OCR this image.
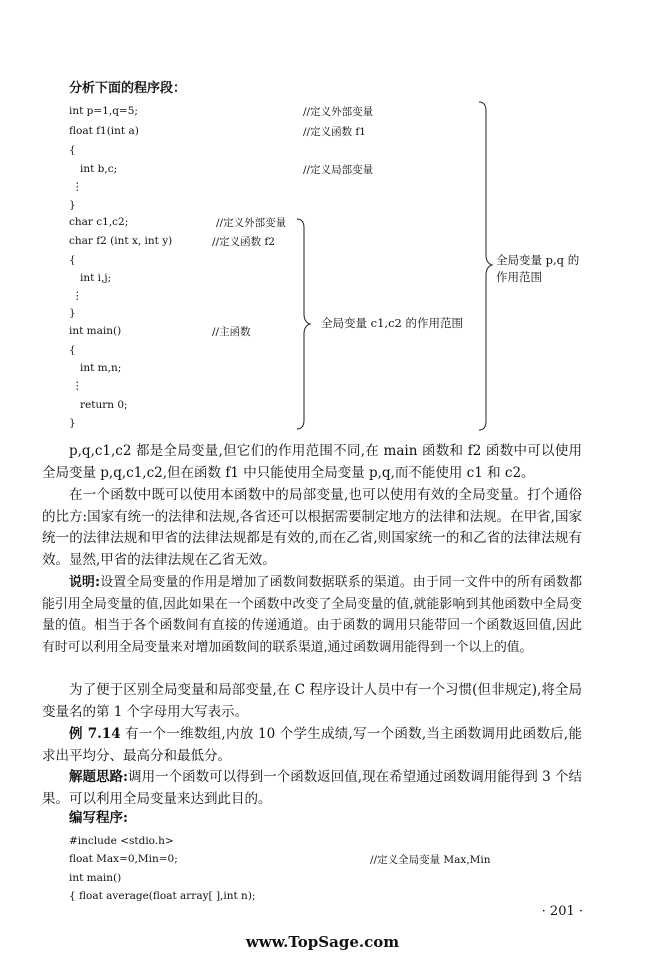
分析下面的程序段：
int p=1,q=5;	//定义外部变量
float f1(int a)	//定义函数 f1
{
int b,c;	//定义局部变量
⋮
}
char c1,c2;	//定义外部变量
char f2 (int x, int y)	//定义函数 f2
{
int i,j;
⋮
}
int main()	//主函数
{
int m,n;
⋮
return 0;
}
全局变量 c1,c2 的作用范围
全局变量 p,q 的
作用范围
p,q,c1,c2 都是全局变量,但它们的作用范围不同,在 main 函数和 f2 函数中可以使用全局变量 p,q,c1,c2,但在函数 f1 中只能使用全局变量 p,q,而不能使用 c1 和 c2。
在一个函数中既可以使用本函数中的局部变量,也可以使用有效的全局变量。打个通俗的比方:国家有统一的法律和法规,各省还可以根据需要制定地方的法律和法规。在甲省,国家统一的法律法规和甲省的法律法规都是有效的,而在乙省,则国家统一的和乙省的法律法规有效。显然,甲省的法律法规在乙省无效。
说明:设置全局变量的作用是增加了函数间数据联系的渠道。由于同一文件中的所有函数都能引用全局变量的值,因此如果在一个函数中改变了全局变量的值,就能影响到其他函数中全局变量的值。相当于各个函数间有直接的传递通道。由于函数的调用只能带回一个函数返回值,因此有时可以利用全局变量来对增加函数间的联系渠道,通过函数调用能得到一个以上的值。
为了便于区别全局变量和局部变量,在 C 程序设计人员中有一个习惯(但非规定),将全局变量名的第 1 个字母用大写表示。
例 7.14 有一个一维数组,内放 10 个学生成绩,写一个函数,当主函数调用此函数后,能求出平均分、最高分和最低分。
解题思路:调用一个函数可以得到一个函数返回值,现在希望通过函数调用能得到 3 个结果。可以利用全局变量来达到此目的。
编写程序:
#include <stdio.h>
float Max=0,Min=0;	//定义全局变量 Max,Min
int main()
{ float average(float array[ ],int n);
· 201 ·
www.TopSage.com
